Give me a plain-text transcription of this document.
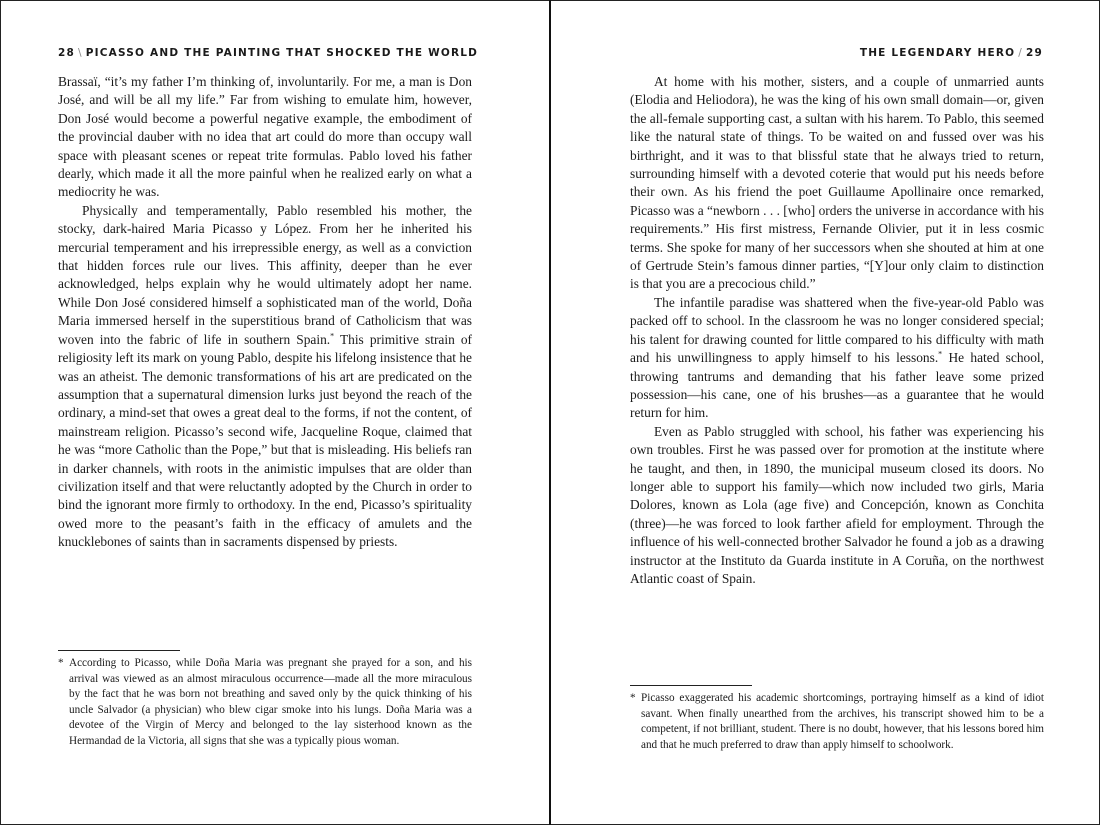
28 \ PICASSO AND THE PAINTING THAT SHOCKED THE WORLD

Brassaï, “it’s my father I’m thinking of, involuntarily. For me, a man is Don José, and will be all my life.” Far from wishing to emulate him, however, Don José would become a powerful negative example, the embodiment of the provincial dauber with no idea that art could do more than occupy wall space with pleasant scenes or repeat trite formulas. Pablo loved his father dearly, which made it all the more painful when he realized early on what a mediocrity he was.

Physically and temperamentally, Pablo resembled his mother, the stocky, dark-haired Maria Picasso y López. From her he inherited his mercurial temperament and his irrepressible energy, as well as a conviction that hidden forces rule our lives. This affinity, deeper than he ever acknowledged, helps explain why he would ultimately adopt her name. While Don José considered himself a sophisticated man of the world, Doña Maria immersed herself in the superstitious brand of Catholicism that was woven into the fabric of life in southern Spain.* This primitive strain of religiosity left its mark on young Pablo, despite his lifelong insistence that he was an atheist. The demonic transformations of his art are predicated on the assumption that a supernatural dimension lurks just beyond the reach of the ordinary, a mind-set that owes a great deal to the forms, if not the content, of mainstream religion. Picasso’s second wife, Jacqueline Roque, claimed that he was “more Catholic than the Pope,” but that is misleading. His beliefs ran in darker channels, with roots in the animistic impulses that are older than civilization itself and that were reluctantly adopted by the Church in order to bind the ignorant more firmly to orthodoxy. In the end, Picasso’s spirituality owed more to the peasant’s faith in the efficacy of amulets and the knucklebones of saints than in sacraments dispensed by priests.

* According to Picasso, while Doña Maria was pregnant she prayed for a son, and his arrival was viewed as an almost miraculous occurrence—made all the more miraculous by the fact that he was born not breathing and saved only by the quick thinking of his uncle Salvador (a physician) who blew cigar smoke into his lungs. Doña Maria was a devotee of the Virgin of Mercy and belonged to the lay sisterhood known as the Hermandad de la Victoria, all signs that she was a typically pious woman.
THE LEGENDARY HERO / 29

At home with his mother, sisters, and a couple of unmarried aunts (Elodia and Heliodora), he was the king of his own small domain—or, given the all-female supporting cast, a sultan with his harem. To Pablo, this seemed like the natural state of things. To be waited on and fussed over was his birthright, and it was to that blissful state that he always tried to return, surrounding himself with a devoted coterie that would put his needs before their own. As his friend the poet Guillaume Apollinaire once remarked, Picasso was a “newborn . . . [who] orders the universe in accordance with his requirements.” His first mistress, Fernande Olivier, put it in less cosmic terms. She spoke for many of her successors when she shouted at him at one of Gertrude Stein’s famous dinner parties, “[Y]our only claim to distinction is that you are a precocious child.”

The infantile paradise was shattered when the five-year-old Pablo was packed off to school. In the classroom he was no longer considered special; his talent for drawing counted for little compared to his difficulty with math and his unwillingness to apply himself to his lessons.* He hated school, throwing tantrums and demanding that his father leave some prized possession—his cane, one of his brushes—as a guarantee that he would return for him.

Even as Pablo struggled with school, his father was experiencing his own troubles. First he was passed over for promotion at the institute where he taught, and then, in 1890, the municipal museum closed its doors. No longer able to support his family—which now included two girls, Maria Dolores, known as Lola (age five) and Concepción, known as Conchita (three)—he was forced to look farther afield for employment. Through the influence of his well-connected brother Salvador he found a job as a drawing instructor at the Instituto da Guarda institute in A Coruña, on the northwest Atlantic coast of Spain.

* Picasso exaggerated his academic shortcomings, portraying himself as a kind of idiot savant. When finally unearthed from the archives, his transcript showed him to be a competent, if not brilliant, student. There is no doubt, however, that his lessons bored him and that he much preferred to draw than apply himself to schoolwork.
